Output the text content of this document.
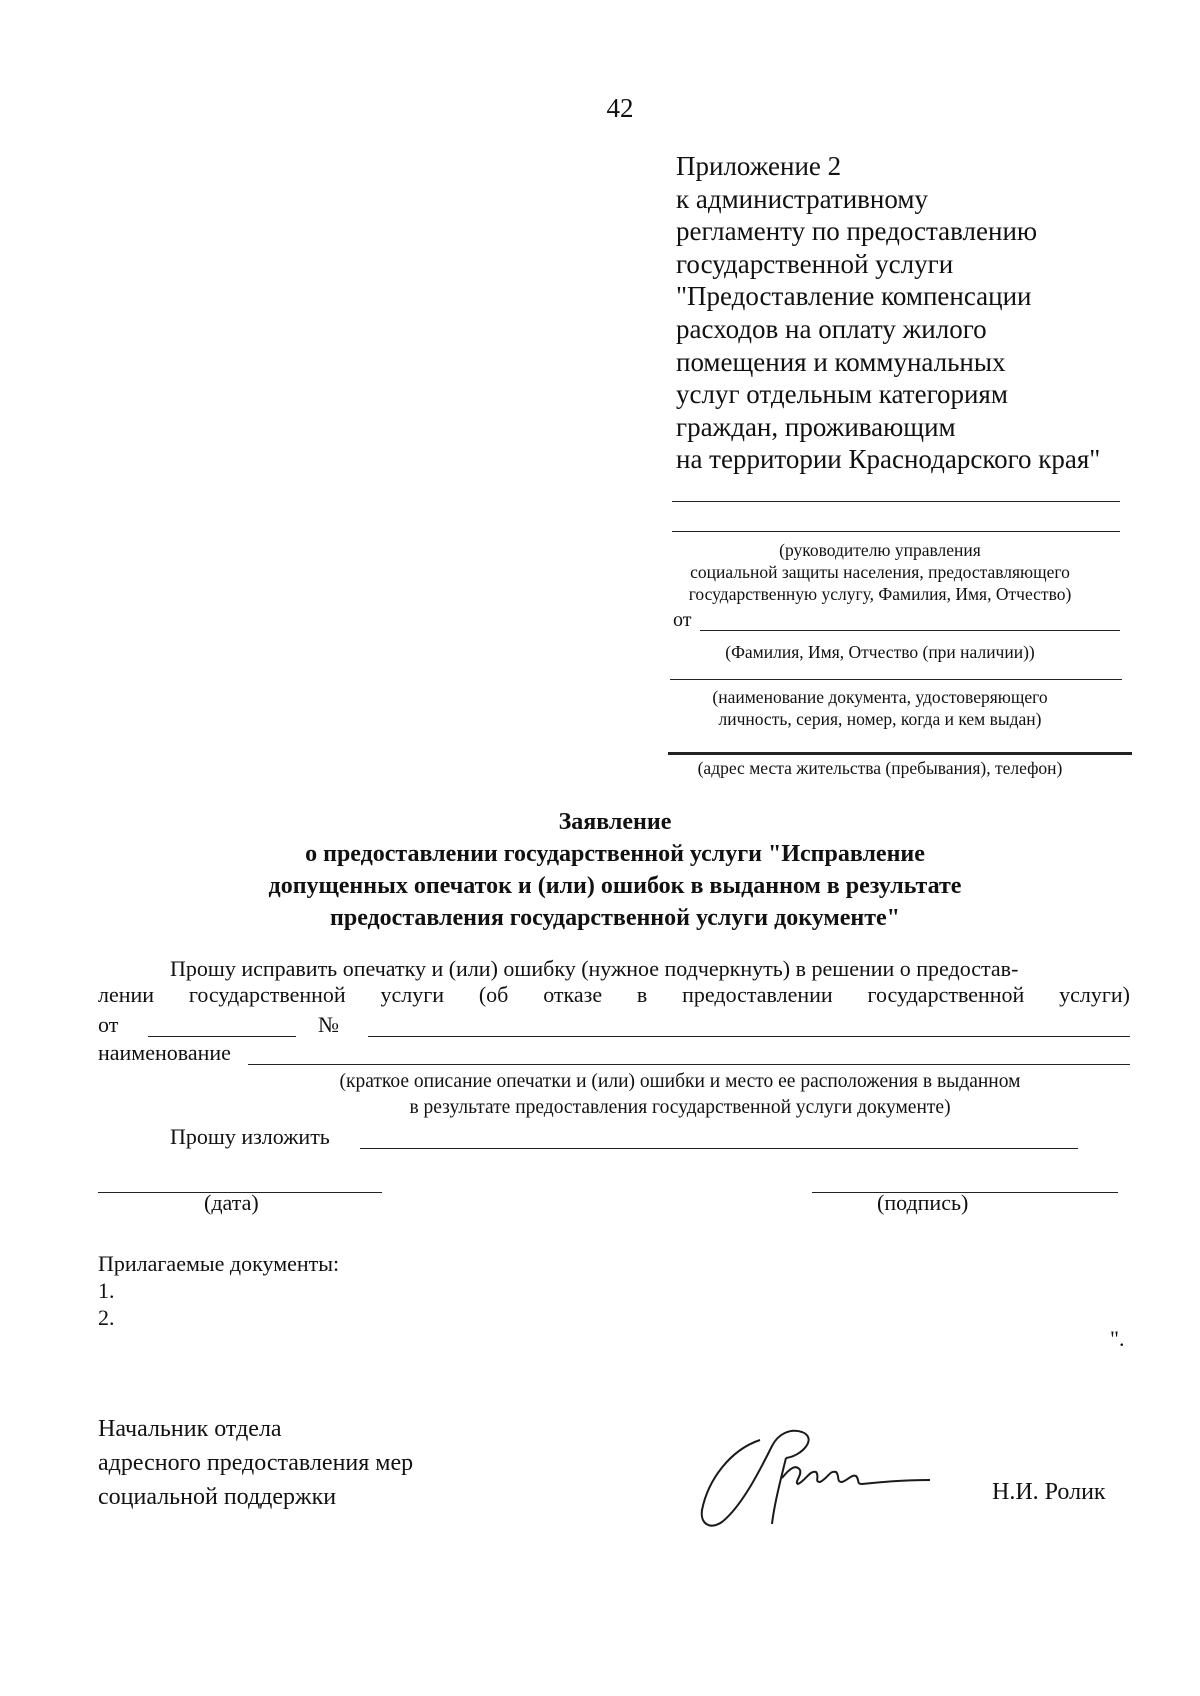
42
Приложение 2
к административному
регламенту по предоставлению
государственной услуги
"Предоставление компенсации
расходов на оплату жилого
помещения и коммунальных
услуг отдельным категориям
граждан, проживающим
на территории Краснодарского края"
(руководителю управления
социальной защиты населения, предоставляющего
государственную услугу, Фамилия, Имя, Отчество)
от
(Фамилия, Имя, Отчество (при наличии))
(наименование документа, удостоверяющего
личность, серия, номер, когда и кем выдан)
(адрес места жительства (пребывания), телефон)
Заявление
о предоставлении государственной услуги "Исправление
допущенных опечаток и (или) ошибок в выданном в результате
предоставления государственной услуги документе"
Прошу исправить опечатку и (или) ошибку (нужное подчеркнуть) в решении о предостав-
лении государственной услуги (об отказе в предоставлении государственной услуги)
от	№
наименование
(краткое описание опечатки и (или) ошибки и место ее расположения в выданном
в результате предоставления государственной услуги документе)
Прошу изложить
(дата)	(подпись)
Прилагаемые документы:
1.
2.
".
Начальник отдела
адресного предоставления мер
социальной поддержки	Н.И. Ролик
